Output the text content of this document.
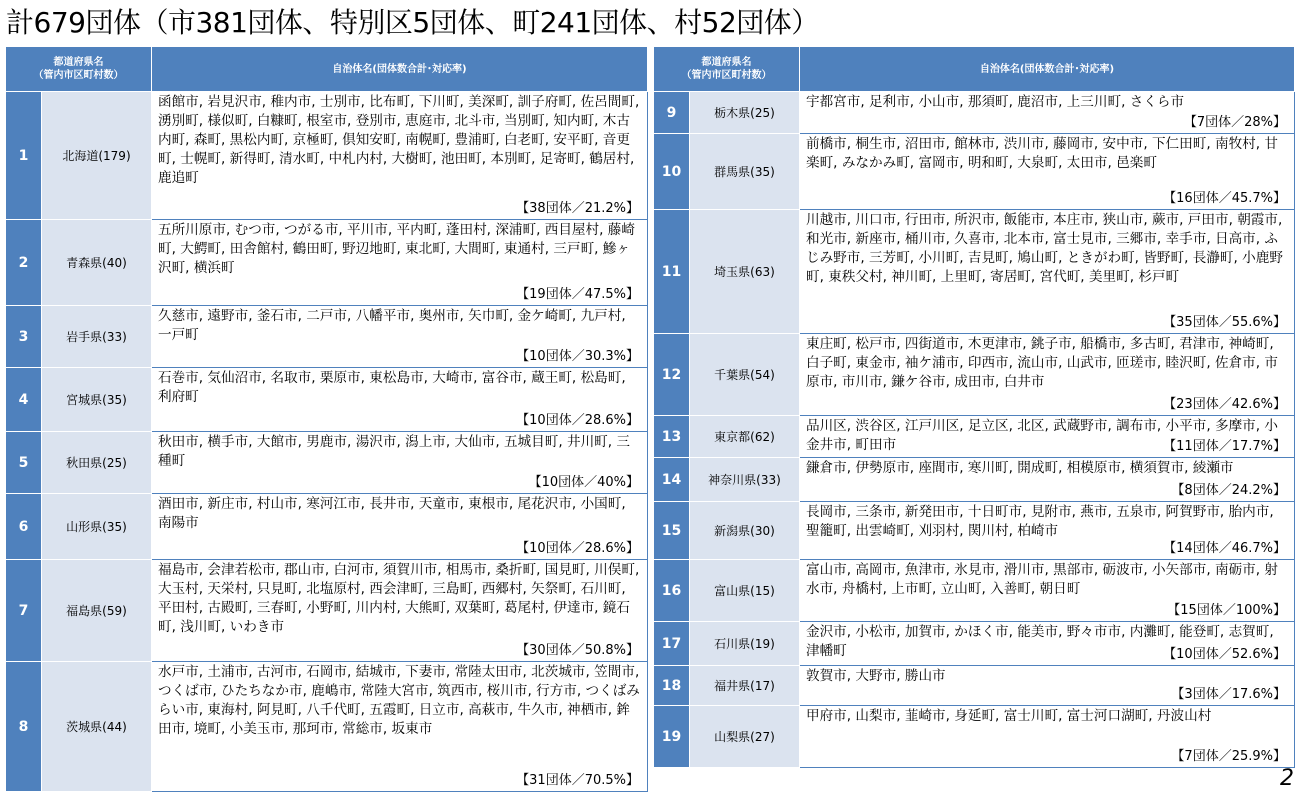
計679団体（市381団体、特別区5団体、町241団体、村52団体）
都道府県名
（管内市区町村数）		自治体名(団体数合計･対応率)
1	北海道(179)	函館市, 岩見沢市, 稚内市, 士別市, 比布町, 下川町, 美深町, 訓子府町, 佐呂間町, 湧別町, 様似町, 白糠町, 根室市, 登別市, 恵庭市, 北斗市, 当別町, 知内町, 木古内町, 森町, 黒松内町, 京極町, 倶知安町, 南幌町, 豊浦町, 白老町, 安平町, 音更町, 士幌町, 新得町, 清水町, 中札内村, 大樹町, 池田町, 本別町, 足寄町, 鶴居村, 鹿追町
【38団体／21.2%】

2	青森県(40)	五所川原市, むつ市, つがる市, 平川市, 平内町, 蓬田村, 深浦町, 西目屋村, 藤崎町, 大鰐町, 田舎館村, 鶴田町, 野辺地町, 東北町, 大間町, 東通村, 三戸町, 鰺ヶ沢町, 横浜町
【19団体／47.5%】

3	岩手県(33)	久慈市, 遠野市, 釜石市, 二戸市, 八幡平市, 奥州市, 矢巾町, 金ケ崎町, 九戸村, 一戸町
【10団体／30.3%】

4	宮城県(35)	石巻市, 気仙沼市, 名取市, 栗原市, 東松島市, 大崎市, 富谷市, 蔵王町, 松島町, 利府町
【10団体／28.6%】

5	秋田県(25)	秋田市, 横手市, 大館市, 男鹿市, 湯沢市, 潟上市, 大仙市, 五城目町, 井川町, 三種町
【10団体／40%】

6	山形県(35)	酒田市, 新庄市, 村山市, 寒河江市, 長井市, 天童市, 東根市, 尾花沢市, 小国町, 南陽市
【10団体／28.6%】

7	福島県(59)	福島市, 会津若松市, 郡山市, 白河市, 須賀川市, 相馬市, 桑折町, 国見町, 川俣町, 大玉村, 天栄村, 只見町, 北塩原村, 西会津町, 三島町, 西郷村, 矢祭町, 石川町, 平田村, 古殿町, 三春町, 小野町, 川内村, 大熊町, 双葉町, 葛尾村, 伊達市, 鏡石町, 浅川町, いわき市
【30団体／50.8%】

8	茨城県(44)	水戸市, 土浦市, 古河市, 石岡市, 結城市, 下妻市, 常陸太田市, 北茨城市, 笠間市, つくば市, ひたちなか市, 鹿嶋市, 常陸大宮市, 筑西市, 桜川市, 行方市, つくばみらい市, 東海村, 阿見町, 八千代町, 五霞町, 日立市, 高萩市, 牛久市, 神栖市, 鉾田市, 境町, 小美玉市, 那珂市, 常総市, 坂東市
【31団体／70.5%】
都道府県名
（管内市区町村数）		自治体名(団体数合計･対応率)
9	栃木県(25)	宇都宮市, 足利市, 小山市, 那須町, 鹿沼市, 上三川町, さくら市
【7団体／28%】

10	群馬県(35)	前橋市, 桐生市, 沼田市, 館林市, 渋川市, 藤岡市, 安中市, 下仁田町, 南牧村, 甘楽町, みなかみ町, 富岡市, 明和町, 大泉町, 太田市, 邑楽町
【16団体／45.7%】

11	埼玉県(63)	川越市, 川口市, 行田市, 所沢市, 飯能市, 本庄市, 狭山市, 蕨市, 戸田市, 朝霞市, 和光市, 新座市, 桶川市, 久喜市, 北本市, 富士見市, 三郷市, 幸手市, 日高市, ふじみ野市, 三芳町, 小川町, 吉見町, 鳩山町, ときがわ町, 皆野町, 長瀞町, 小鹿野町, 東秩父村, 神川町, 上里町, 寄居町, 宮代町, 美里町, 杉戸町
【35団体／55.6%】

12	千葉県(54)	東庄町, 松戸市, 四街道市, 木更津市, 銚子市, 船橋市, 多古町, 君津市, 神崎町, 白子町, 東金市, 袖ケ浦市, 印西市, 流山市, 山武市, 匝瑳市, 睦沢町, 佐倉市, 市原市, 市川市, 鎌ケ谷市, 成田市, 白井市
【23団体／42.6%】

13	東京都(62)	品川区, 渋谷区, 江戸川区, 足立区, 北区, 武蔵野市, 調布市, 小平市, 多摩市, 小金井市, 町田市 【11団体／17.7%】

14	神奈川県(33)	鎌倉市, 伊勢原市, 座間市, 寒川町, 開成町, 相模原市, 横須賀市, 綾瀬市
【8団体／24.2%】

15	新潟県(30)	長岡市, 三条市, 新発田市, 十日町市, 見附市, 燕市, 五泉市, 阿賀野市, 胎内市, 聖籠町, 出雲崎町, 刈羽村, 関川村, 柏崎市
【14団体／46.7%】

16	富山県(15)	富山市, 高岡市, 魚津市, 氷見市, 滑川市, 黒部市, 砺波市, 小矢部市, 南砺市, 射水市, 舟橋村, 上市町, 立山町, 入善町, 朝日町
【15団体／100%】

17	石川県(19)	金沢市, 小松市, 加賀市, かほく市, 能美市, 野々市市, 内灘町, 能登町, 志賀町, 津幡町 【10団体／52.6%】

18	福井県(17)	敦賀市, 大野市, 勝山市
【3団体／17.6%】

19	山梨県(27)	甲府市, 山梨市, 韮崎市, 身延町, 富士川町, 富士河口湖町, 丹波山村
【7団体／25.9%】
2
